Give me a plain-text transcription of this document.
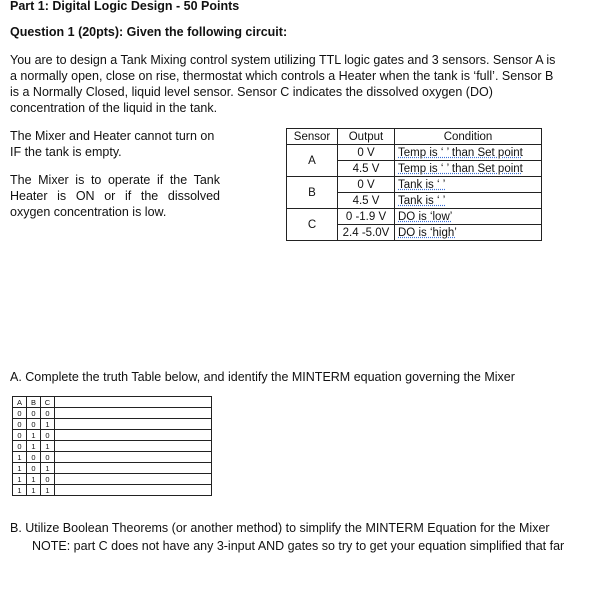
Part 1: Digital Logic Design - 50 Points
Question 1 (20pts): Given the following circuit:
You are to design a Tank Mixing control system utilizing TTL logic gates and 3 sensors. Sensor A is a normally open, close on rise, thermostat which controls a Heater when the tank is ‘full’. Sensor B is a Normally Closed, liquid level sensor. Sensor C indicates the dissolved oxygen (DO) concentration of the liquid in the tank.
The Mixer and Heater cannot turn on IF the tank is empty.
The Mixer is to operate if the Tank Heater is ON or if the dissolved oxygen concentration is low.
Sensor	Output	Condition
A	0 V	Temp is ‘ ’ than Set point
	4.5 V	Temp is ‘ ’ than Set point
B	0 V	Tank is ‘ ’
	4.5 V	Tank is ‘ ’
C	0 -1.9 V	DO is ‘low’
	2.4 -5.0V	DO is ‘high’
A. Complete the truth Table below, and identify the MINTERM equation governing the Mixer
A	B	C	
0	0	0	
0	0	1	
0	1	0	
0	1	1	
1	0	0	
1	0	1	
1	1	0	
1	1	1	
B. Utilize Boolean Theorems (or another method) to simplify the MINTERM Equation for the Mixer
NOTE: part C does not have any 3-input AND gates so try to get your equation simplified that far
